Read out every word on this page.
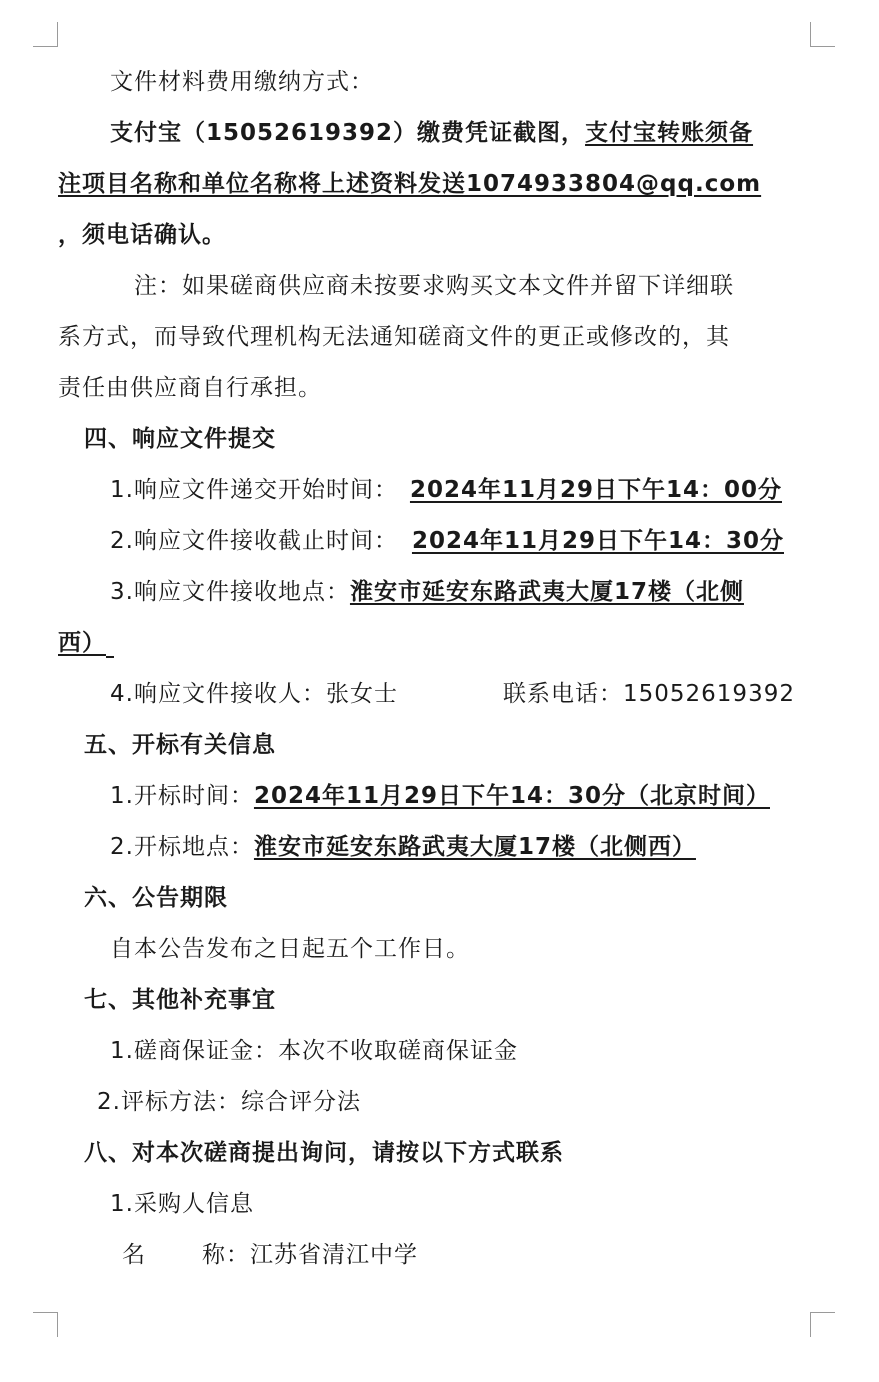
文件材料费用缴纳方式：
支付宝（15052619392）缴费凭证截图，支付宝转账须备
注项目名称和单位名称将上述资料发送1074933804@qq.com
，须电话确认。
注：如果磋商供应商未按要求购买文本文件并留下详细联
系方式，而导致代理机构无法通知磋商文件的更正或修改的，其
责任由供应商自行承担。
四、响应文件提交
1.响应文件递交开始时间： 2024年11月29日下午14：00分
2.响应文件接收截止时间： 2024年11月29日下午14：30分
3.响应文件接收地点：淮安市延安东路武夷大厦17楼（北侧
西）
4.响应文件接收人：张女士	联系电话：15052619392
五、开标有关信息
1.开标时间：2024年11月29日下午14：30分（北京时间）
2.开标地点：淮安市延安东路武夷大厦17楼（北侧西）
六、公告期限
自本公告发布之日起五个工作日。
七、其他补充事宜
1.磋商保证金：本次不收取磋商保证金
2.评标方法：综合评分法
八、对本次磋商提出询问，请按以下方式联系
1.采购人信息
名 称：江苏省清江中学
